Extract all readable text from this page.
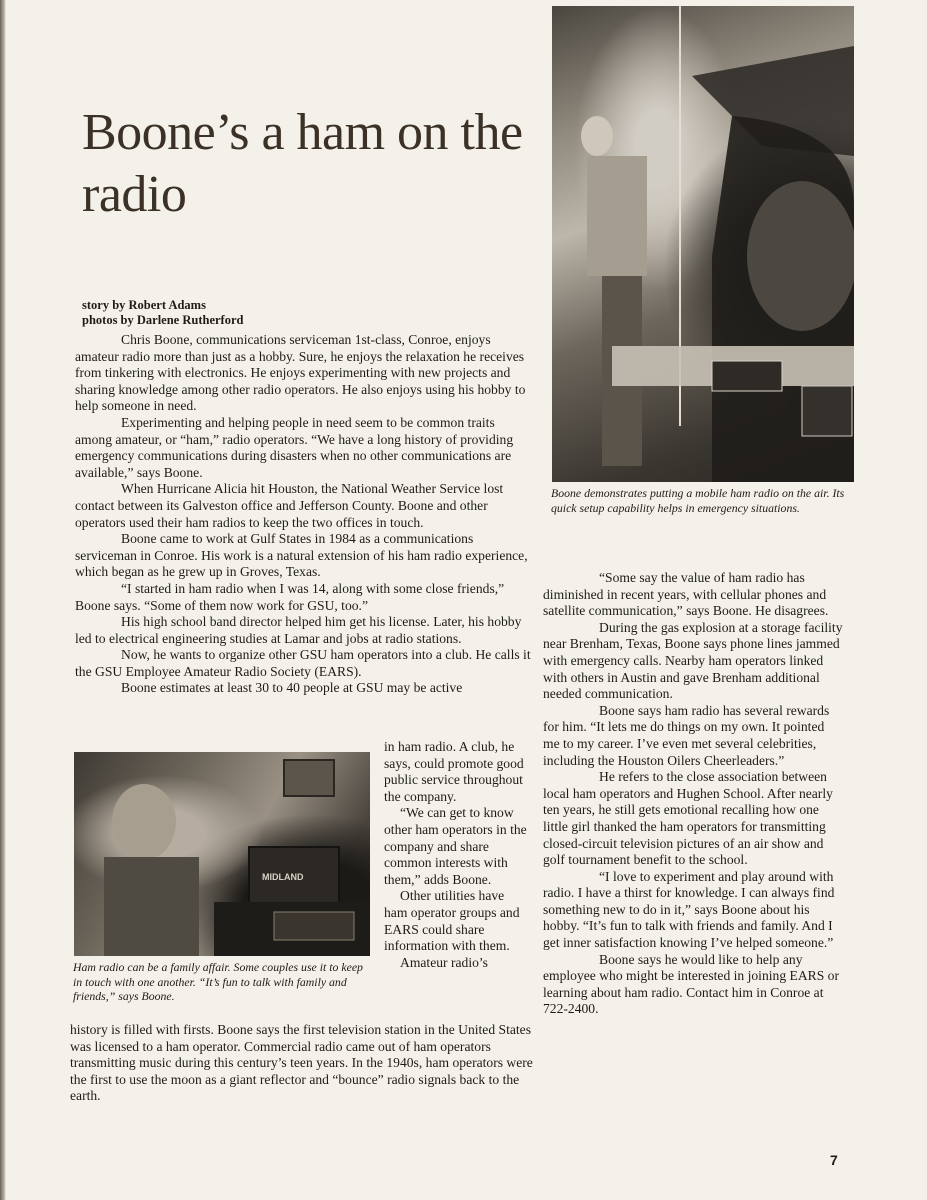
Boone’s a ham on the radio
story by Robert Adams
photos by Darlene Rutherford

Chris Boone, communications serviceman 1st-class, Conroe, enjoys amateur radio more than just as a hobby. Sure, he enjoys the relaxation he receives from tinkering with electronics. He enjoys experimenting with new projects and sharing knowledge among other radio operators. He also enjoys using his hobby to help someone in need.

Experimenting and helping people in need seem to be common traits among amateur, or “ham,” radio operators. “We have a long history of providing emergency communications during disasters when no other communications are available,” says Boone.

When Hurricane Alicia hit Houston, the National Weather Service lost contact between its Galveston office and Jefferson County. Boone and other operators used their ham radios to keep the two offices in touch.

Boone came to work at Gulf States in 1984 as a communications serviceman in Conroe. His work is a natural extension of his ham radio experience, which began as he grew up in Groves, Texas.

“I started in ham radio when I was 14, along with some close friends,” Boone says. “Some of them now work for GSU, too.”

His high school band director helped him get his license. Later, his hobby led to electrical engineering studies at Lamar and jobs at radio stations.

Now, he wants to organize other GSU ham operators into a club. He calls it the GSU Employee Amateur Radio Society (EARS).

Boone estimates at least 30 to 40 people at GSU may be active

MIDLAND

in ham radio. A club, he says, could promote good public service throughout the company.

“We can get to know other ham operators in the company and share common interests with them,” adds Boone.

Other utilities have ham operator groups and EARS could share information with them.

Amateur radio’s

Ham radio can be a family affair. Some couples use it to keep in touch with one another. “It’s fun to talk with family and friends,” says Boone.

history is filled with firsts. Boone says the first television station in the United States was licensed to a ham operator. Commercial radio came out of ham operators transmitting music during this century’s teen years. In the 1940s, ham operators were the first to use the moon as a giant reflector and “bounce” radio signals back to the earth.

Boone demonstrates putting a mobile ham radio on the air. Its quick setup capability helps in emergency situations.

“Some say the value of ham radio has diminished in recent years, with cellular phones and satellite communication,” says Boone. He disagrees.

During the gas explosion at a storage facility near Brenham, Texas, Boone says phone lines jammed with emergency calls. Nearby ham operators linked with others in Austin and gave Brenham additional needed communication.

Boone says ham radio has several rewards for him. “It lets me do things on my own. It pointed me to my career. I’ve even met several celebrities, including the Houston Oilers Cheerleaders.”

He refers to the close association between local ham operators and Hughen School. After nearly ten years, he still gets emotional recalling how one little girl thanked the ham operators for transmitting closed-circuit television pictures of an air show and golf tournament benefit to the school.

“I love to experiment and play around with radio. I have a thirst for knowledge. I can always find something new to do in it,” says Boone about his hobby. “It’s fun to talk with friends and family. And I get inner satisfaction knowing I’ve helped someone.”

Boone says he would like to help any employee who might be interested in joining EARS or learning about ham radio. Contact him in Conroe at 722-2400.

7
